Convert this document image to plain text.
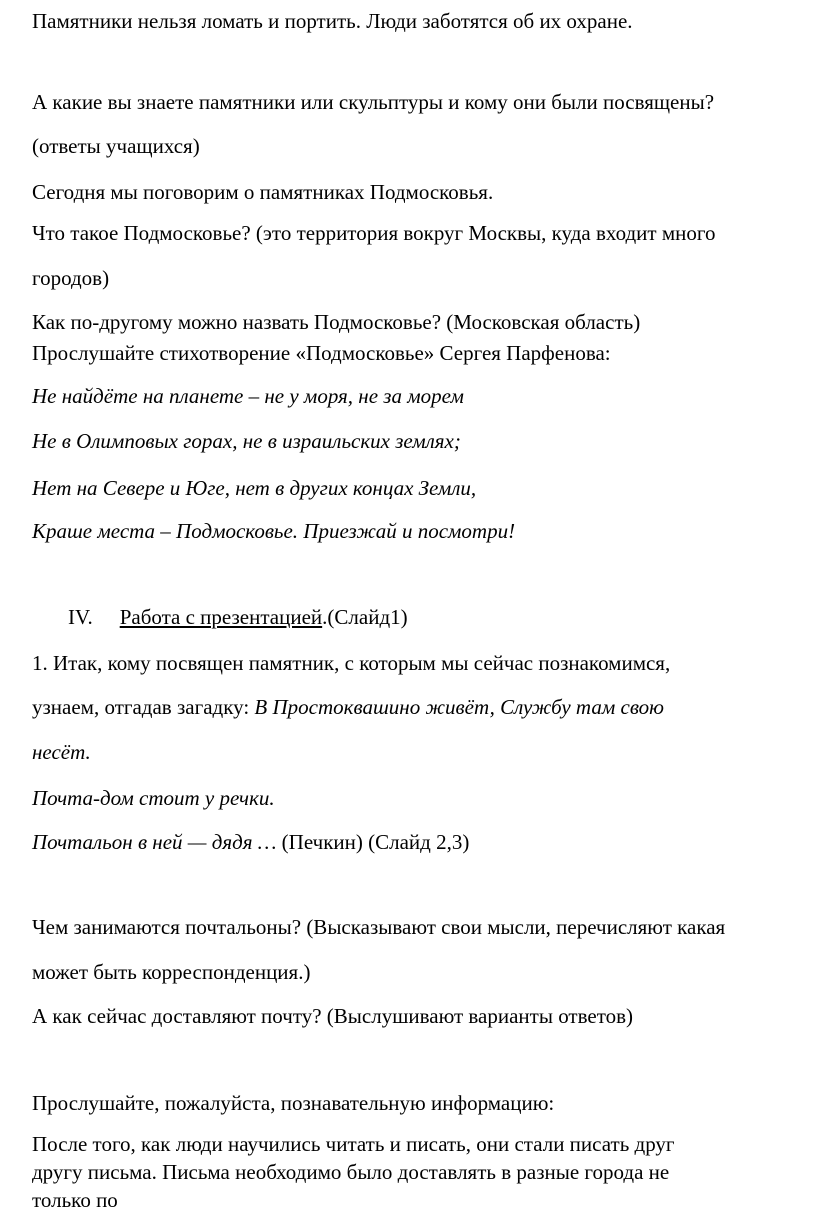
Памятники нельзя ломать и портить. Люди заботятся об их охране.
А какие вы знаете памятники или скульптуры и кому они были посвящены?
(ответы учащихся)
Сегодня мы поговорим о памятниках Подмосковья.
Что такое Подмосковье? (это территория вокруг Москвы, куда входит много
городов)
Как по-другому можно назвать Подмосковье? (Московская область)
Прослушайте стихотворение «Подмосковье» Сергея Парфенова:
Не найдёте на планете – не у моря, не за морем
Не в Олимповых горах, не в израильских землях;
Нет на Севере и Юге, нет в других концах Земли,
Краше места – Подмосковье. Приезжай и посмотри!
IV. Работа с презентацией.(Слайд1)
1. Итак, кому посвящен памятник, с которым мы сейчас познакомимся,
узнаем, отгадав загадку: В Простоквашино живёт, Службу там свою
несёт.
Почта-дом стоит у речки.
Почтальон в ней — дядя … (Печкин) (Слайд 2,3)
Чем занимаются почтальоны? (Высказывают свои мысли, перечисляют какая
может быть корреспонденция.)
А как сейчас доставляют почту? (Выслушивают варианты ответов)
Прослушайте, пожалуйста, познавательную информацию:
После того, как люди научились читать и писать, они стали писать друг
другу письма. Письма необходимо было доставлять в разные города не
только по
